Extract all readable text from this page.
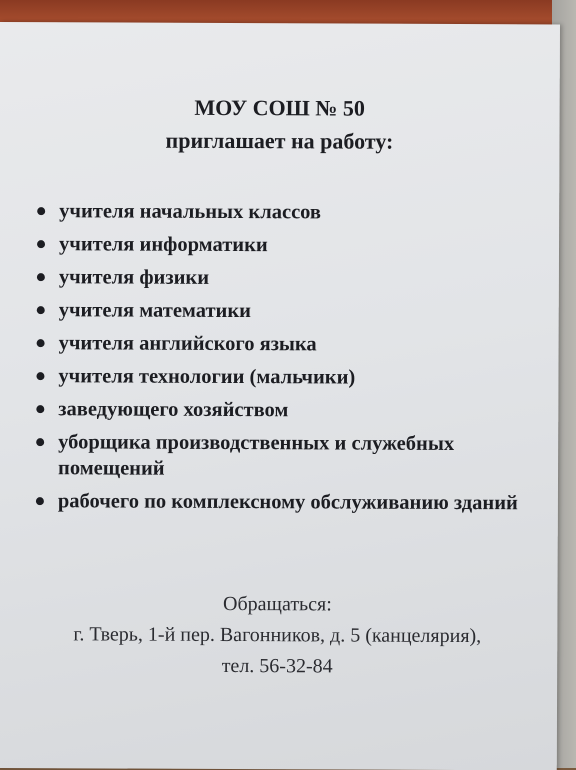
МОУ СОШ № 50
приглашает на работу:
учителя начальных классов
учителя информатики
учителя физики
учителя математики
учителя английского языка
учителя технологии (мальчики)
заведующего хозяйством
уборщика производственных и служебных помещений
рабочего по комплексному обслуживанию зданий
Обращаться:
г. Тверь, 1-й пер. Вагонников, д. 5 (канцелярия),
тел. 56-32-84
